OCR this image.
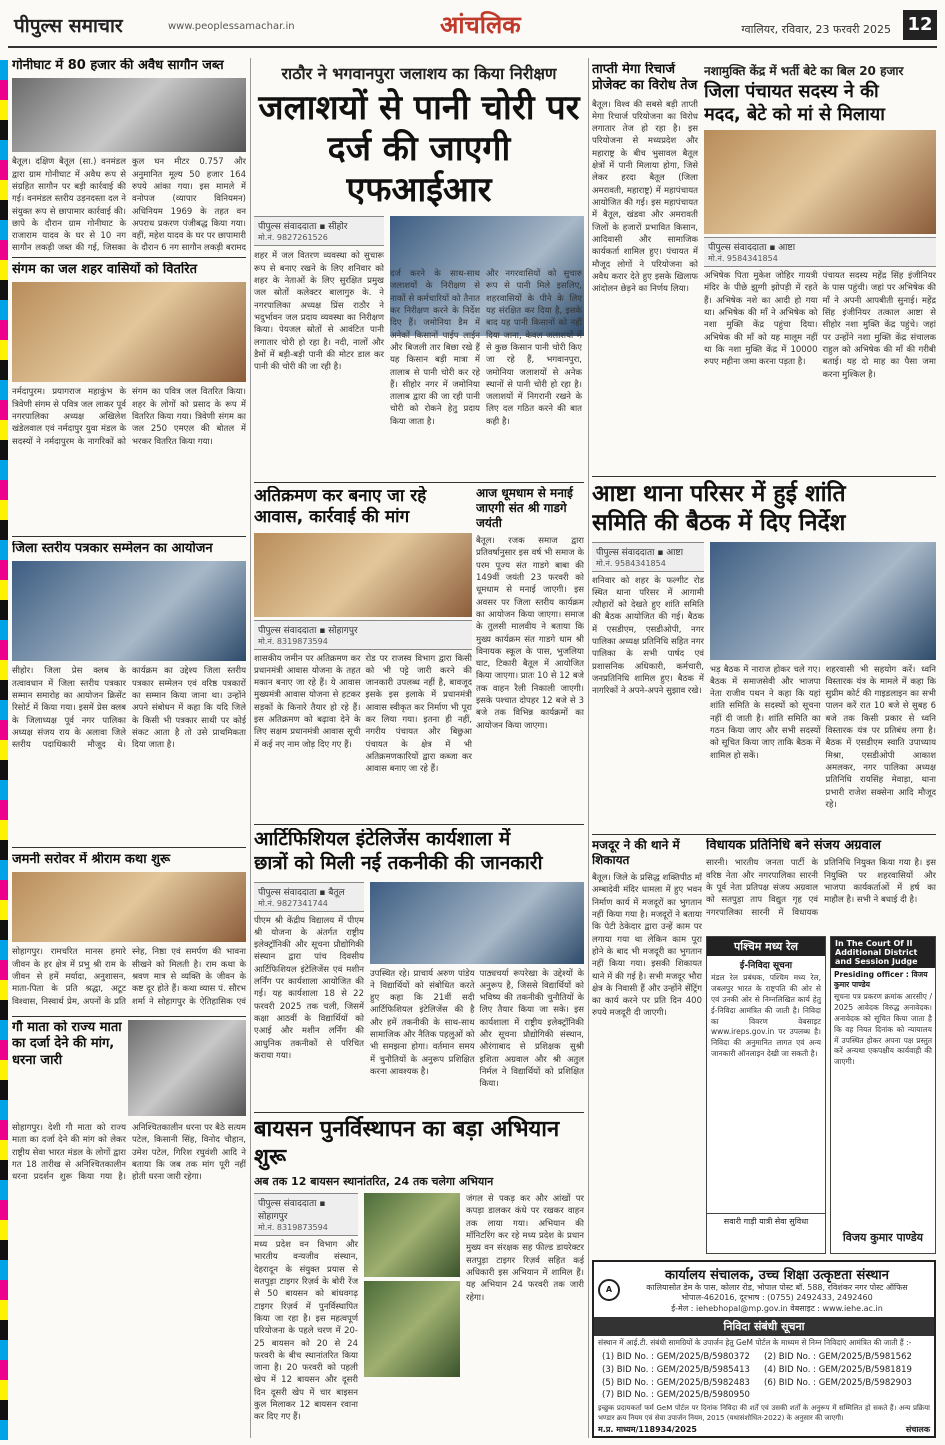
पीपुल्स समाचार	www.peoplessamachar.in	आंचलिक	ग्वालियर, रविवार, 23 फरवरी 2025 12
गोनीघाट में 80 हजार की अवैध सागौन जब्त
बैतूल। दक्षिण बैतूल (सा.) वनमंडल द्वारा ग्राम गोनीघाट में अवैध रूप से संग्रहित सागौन पर बड़ी कार्रवाई की गई। वनमंडल स्तरीय उड़नदस्ता दल ने संयुक्त रूप से छापामार कार्रवाई की। छापे के दौरान ग्राम गोनीघाट के राजाराम यादव के घर से 10 नग सागौन लकड़ी जब्त की गई, जिसका कुल घन मीटर 0.757 और अनुमानित मूल्य 50 हजार 164 रुपये आंका गया। इस मामले में वनोपज (व्यापार विनियमन) अधिनियम 1969 के तहत वन अपराध प्रकरण पंजीबद्ध किया गया। वहीं, महेश यादव के घर पर छापामारी के दौरान 6 नग सागौन लकड़ी बरामद
संगम का जल शहर वासियों को वितरित
नर्मदापुरम। प्रयागराज महाकुंभ के त्रिवेणी संगम से पवित्र जल लाकर पूर्व नगरपालिका अध्यक्ष अखिलेश खंडेलवाल एवं नर्मदापुर युवा मंडल के सदस्यों ने नर्मदापुरम के नागरिकों को संगम का पवित्र जल वितरित किया। शहर के लोगों को प्रसाद के रूप में वितरित किया गया। त्रिवेणी संगम का जल 250 एमएल की बोतल में भरकर वितरित किया गया।
जिला स्तरीय पत्रकार सम्मेलन का आयोजन
सीहोर। जिला प्रेस क्लब के तत्वावधान में जिला स्तरीय पत्रकार सम्मान समारोह का आयोजन क्रिसेंट रिसोर्ट में किया गया। इसमें प्रेस क्लब के जिलाध्यक्ष पूर्व नगर पालिका अध्यक्ष संजय राय के अलावा जिले स्तरीय पदाधिकारी मौजूद थे। कार्यक्रम का उद्देश्य जिला स्तरीय पत्रकार सम्मेलन एवं वरिष्ठ पत्रकारों का सम्मान किया जाना था। उन्होंने अपने संबोधन में कहा कि यदि जिले के किसी भी पत्रकार साथी पर कोई संकट आता है तो उसे प्राथमिकता दिया जाता है।
जमनी सरोवर में श्रीराम कथा शुरू
सोहागपुर। रामचरित मानस हमारे जीवन के हर क्षेत्र में प्रभु श्री राम के जीवन से हमें मर्यादा, अनुशासन, माता-पिता के प्रति श्रद्धा, अटूट विश्वास, निस्वार्थ प्रेम, अपनों के प्रति स्नेह, निष्ठा एवं समर्पण की भावना सीखने को मिलती है। राम कथा के श्रवण मात्र से व्यक्ति के जीवन के कष्ट दूर होते हैं। कथा व्यास पं. सौरभ शर्मा ने सोहागपुर के ऐतिहासिक एवं
गौ माता को राज्य माता का दर्जा देने की मांग, धरना जारी
सोहागपुर। देशी गौ माता को राज्य माता का दर्जा देने की मांग को लेकर राष्ट्रीय सेवा भारत मंडल के लोगों द्वारा गत 18 तारीख से अनिश्चितकालीन धरना प्रदर्शन शुरू किया गया है। अनिश्चितकालीन धरना पर बैठे सत्यम पटेल, किसानी सिंह, विनोद चौहान, उमेश पटेल, गिरिश रघुवंशी आदि ने बताया कि जब तक मांग पूरी नहीं होती धरना जारी रहेगा।
राठौर ने भगवानपुरा जलाशय का किया निरीक्षण
जलाशयों से पानी चोरी पर
दर्ज की जाएगी एफआईआर
पीपुल्स संवाददाता ▪ सीहोर
मो.नं. 9827261526
शहर में जल वितरण व्यवस्था को सुचारू रूप से बनाए रखने के लिए शनिवार को शहर के नेताओं के लिए सुरक्षित प्रमुख जल स्रोतों कलेक्टर बालागुरु के. ने नगरपालिका अध्यक्ष प्रिंस राठौर ने भदुर्भावन जल प्रदाय व्यवस्था का निरीक्षण किया। पेयजल स्रोतों से आवंटित पानी लगातार चोरी हो रहा है। नदी, नालों और डैमों में बड़ी-बड़ी पानी की मोटर डाल कर पानी की चोरी की जा रही है।
दर्ज करने के साथ-साथ जलाशयों के निरीक्षण से नाकों से कर्मचारियों को तैनात कर निरीक्षण करने के निर्देश दिए हैं। जमोनिया डैम में अनेकों किसानों पाईप लाईन और बिजली तार बिछा रखे हैं यह किसान बड़ी मात्रा में तालाब से पानी चोरी कर रहे हैं। सीहोर नगर में जमोनिया तालाब द्वारा की जा रही पानी चोरी को रोकने हेतु प्रदाय किया जाता है।
और नगरवासियों को सुचारु रूप से पानी मिले इसलिए, शहरवासियों के पीने के लिए यह संरक्षित कर दिया है, इसके बाद यह पानी किसानों को नहीं दिया जाना, केवल जलाशयों में से कुछ किसान पानी चोरी किए जा रहे हैं, भगवानपुरा, जमोनिया जलाशयों से अनेक स्थानों से पानी चोरी हो रहा है। जलाशयों में निगरानी रखने के लिए दल गठित करने की बात कही है।
अतिक्रमण कर बनाए जा रहे
आवास, कार्रवाई की मांग
पीपुल्स संवाददाता ▪ सोहागपुर
मो.नं. 8319873594
शासकीय जमीन पर अतिक्रमण कर प्रधानमंत्री आवास योजना के तहत मकान बनाए जा रहे हैं। ये आवास मुख्यमंत्री आवास योजना से हटकर सड़कों के किनारे तैयार हो रहे हैं। इस अतिक्रमण को बढ़ावा देने के लिए सक्षम प्रधानमंत्री आवास सूची में कई नए नाम जोड़ दिए गए हैं।
रोड पर राजस्व विभाग द्वारा किसी को भी पट्टे जारी करने की जानकारी उपलब्ध नहीं है, बावजूद इसके इस इलाके में प्रधानमंत्री आवास स्वीकृत कर निर्माण भी पूरा कर लिया गया। इतना ही नहीं, नगरीय पंचायत और बिछुआ पंचायत के क्षेत्र में भी अतिक्रमणकारियों द्वारा कब्जा कर आवास बनाए जा रहे हैं।
आज धूमधाम से मनाई जाएगी संत श्री गाडगे जयंती
बैतूल। रजक समाज द्वारा प्रतिवर्षानुसार इस वर्ष भी समाज के परम पूज्य संत गाडगे बाबा की 149वीं जयंती 23 फरवरी को धूमधाम से मनाई जाएगी। इस अवसर पर जिला स्तरीय कार्यक्रम का आयोजन किया जाएगा। समाज के तुलसी मालवीय ने बताया कि मुख्य कार्यक्रम संत गाडगे धाम श्री विनायक स्कूल के पास, भुजलिया घाट, टिकारी बैतूल में आयोजित किया जाएगा। प्रातः 10 से 12 बजे तक वाहन रैली निकाली जाएगी। इसके पश्चात दोपहर 12 बजे से 3 बजे तक विभिन्न कार्यक्रमों का आयोजन किया जाएगा।
आर्टिफिशियल इंटेलिजेंस कार्यशाला में
छात्रों को मिली नई तकनीकी की जानकारी
पीपुल्स संवाददाता ▪ बैतूल
मो.नं. 9827341744
पीएम श्री केंद्रीय विद्यालय में पीएम श्री योजना के अंतर्गत राष्ट्रीय इलेक्ट्रॉनिकी और सूचना प्रौद्योगिकी संस्थान द्वारा पांच दिवसीय आर्टिफिशियल इंटेलिजेंस एवं मशीन लर्निंग पर कार्यशाला आयोजित की गई। यह कार्यशाला 18 से 22 फरवरी 2025 तक चली, जिसमें कक्षा आठवीं के विद्यार्थियों को एआई और मशीन लर्निंग की आधुनिक तकनीकों से परिचित कराया गया।
उपस्थित रहे। प्राचार्य अरुण पांडेय ने विद्यार्थियों को संबोधित करते हुए कहा कि 21वीं सदी आर्टिफिशियल इंटेलिजेंस की है और हमें तकनीकी के साथ-साथ सामाजिक और नैतिक पहलुओं को भी समझना होगा। वर्तमान समय में चुनौतियों के अनुरूप प्रशिक्षित करना आवश्यक है।
पाठ्यचर्या रूपरेखा के उद्देश्यों के अनुरूप है, जिससे विद्यार्थियों को भविष्य की तकनीकी चुनौतियों के लिए तैयार किया जा सके। इस कार्यशाला में राष्ट्रीय इलेक्ट्रॉनिकी और सूचना प्रौद्योगिकी संस्थान, औरंगाबाद से प्रशिक्षक सुश्री इशिता अग्रवाल और श्री अतुल निर्मल ने विद्यार्थियों को प्रशिक्षित किया।
बायसन पुनर्विस्थापन का बड़ा अभियान शुरू
अब तक 12 बायसन स्थानांतरित, 24 तक चलेगा अभियान
पीपुल्स संवाददाता ▪ सोहागपुर
मो.नं. 8319873594
मध्य प्रदेश वन विभाग और भारतीय वन्यजीव संस्थान, देहरादून के संयुक्त प्रयास से सतपुड़ा टाइगर रिज़र्व के बोरी रेंज से 50 बायसन को बांधवगढ़ टाइगर रिज़र्व में पुनर्विस्थापित किया जा रहा है। इस महत्वपूर्ण परियोजना के पहले चरण में 20-25 बायसन को 20 से 24 फरवरी के बीच स्थानांतरित किया जाना है। 20 फरवरी को पहली खेप में 12 बायसन और दूसरी दिन दूसरी खेप में चार बाइसन कुल मिलाकर 12 बायसन रवाना कर दिए गए हैं।
जंगल से पकड़ कर और आंखों पर कपड़ा डालकर कंधे पर रखकर वाहन तक लाया गया। अभियान की मॉनिटरिंग कर रहे मध्य प्रदेश के प्रधान मुख्य वन संरक्षक सह फील्ड डायरेक्टर सतपुड़ा टाइगर रिज़र्व सहित कई अधिकारी इस अभियान में शामिल हैं। यह अभियान 24 फरवरी तक जारी रहेगा।
ताप्ती मेगा रिचार्ज प्रोजेक्ट का विरोध तेज
बैतूल। विश्व की सबसे बड़ी ताप्ती मेगा रिचार्ज परियोजना का विरोध लगातार तेज हो रहा है। इस परियोजना से मध्यप्रदेश और महाराष्ट्र के बीच भुसावल बैतूल क्षेत्रों में पानी मिलाया होगा, जिसे लेकर हरदा बैतूल (जिला अमरावती, महाराष्ट्र) में महापंचायत आयोजित की गई। इस महापंचायत में बैतूल, खंडवा और अमरावती जिलों के हजारों प्रभावित किसान, आदिवासी और सामाजिक कार्यकर्ता शामिल हुए। पंचायत में मौजूद लोगों ने परियोजना को अवैध करार देते हुए इसके खिलाफ आंदोलन छेड़ने का निर्णय लिया।
नशामुक्ति केंद्र में भर्ती बेटे का बिल 20 हजार
जिला पंचायत सदस्य ने की
मदद, बेटे को मां से मिलाया
पीपुल्स संवाददाता ▪ आष्टा
मो.नं. 9584341854
अभिषेक पिता मुकेश जोहिर गायत्री मंदिर के पीछे झुग्गी झोपड़ी में रहते हैं। अभिषेक नशे का आदी हो गया था। अभिषेक की माँ ने अभिषेक को नशा मुक्ति केंद्र पहुंचा दिया। अभिषेक की माँ को यह मालूम नहीं था कि नशा मुक्ति केंद्र में 10000 रुपए महीना जमा करना पड़ता है।
पंचायत सदस्य महेंद्र सिंह इंजीनियर के पास पहुंची। जहां पर अभिषेक की माँ ने अपनी आपबीती सुनाई। महेंद्र सिंह इंजीनियर तत्काल आष्टा से सीहोर नशा मुक्ति केंद्र पहुंचे। जहां पर उन्होंने नशा मुक्ति केंद्र संचालक राहुल को अभिषेक की माँ की गरीबी बताई। यह दो माह का पैसा जमा करना मुश्किल है।
आष्टा थाना परिसर में हुई शांति
समिति की बैठक में दिए निर्देश
पीपुल्स संवाददाता ▪ आष्टा
मो.नं. 9584341854
शनिवार को शहर के फल्गीट रोड स्थित थाना परिसर में आगामी त्यौहारों को देखते हुए शांति समिति की बैठक आयोजित की गई। बैठक में एसडीएम, एसडीओपी, नगर पालिका अध्यक्ष प्रतिनिधि सहित नगर पालिका के सभी पार्षद एवं प्रशासनिक अधिकारी, कर्मचारी, जनप्रतिनिधि शामिल हुए। बैठक में नागरिकों ने अपने-अपने सुझाव रखे।
भड़ बैठक में नाराज होकर चले गए। बैठक में समाजसेवी और भाजपा नेता राजीव पथन ने कहा कि यहां शांति समिति के सदस्यों को सूचना नहीं दी जाती है। शांति समिति का गठन किया जाए और सभी सदस्यों को सूचित किया जाए ताकि बैठक में शामिल हो सकें।
शहरवासी भी सहयोग करें। ध्वनि विस्तारक यंत्र के मामले में कहा कि सुप्रीम कोर्ट की गाइडलाइन का सभी पालन करें रात 10 बजे से सुबह 6 बजे तक किसी प्रकार से ध्वनि विस्तारक यंत्र पर प्रतिबंध लगा है। बैठक में एसडीएम स्वाति उपाध्याय मिश्रा, एसडीओपी आकाश अमलकर, नगर पालिका अध्यक्ष प्रतिनिधि रायसिंह मेवाड़ा, थाना प्रभारी राजेश सक्सेना आदि मौजूद रहे।
मजदूर ने की थाने में शिकायत
बैतूल। जिले के प्रसिद्ध शक्तिपीठ माँ अम्बादेवी मंदिर धामला में हुए भवन निर्माण कार्य में मजदूरों का भुगतान नहीं किया गया है। मजदूरों ने बताया कि पेटी ठेकेदार द्वारा उन्हें काम पर लगाया गया था लेकिन काम पूरा होने के बाद भी मजदूरी का भुगतान नहीं किया गया। इसकी शिकायत थाने में की गई है। सभी मजदूर भौरा क्षेत्र के निवासी हैं और उन्होंने सेंट्रिंग का कार्य करने पर प्रति दिन 400 रुपये मजदूरी दी जाएगी।
विधायक प्रतिनिधि बने संजय अग्रवाल
सारनी। भारतीय जनता पार्टी के वरिष्ठ नेता और नगरपालिका सारनी के पूर्व नेता प्रतिपक्ष संजय अग्रवाल को सतपुड़ा ताप विद्युत गृह एवं नगरपालिका सारनी में विधायक प्रतिनिधि नियुक्त किया गया है। इस नियुक्ति पर शहरवासियों और भाजपा कार्यकर्ताओं में हर्ष का माहौल है। सभी ने बधाई दी है।
पश्चिम मध्य रेल
ई-निविदा सूचना
मंडल रेल प्रबंधक, पश्चिम मध्य रेल, जबलपुर भारत के राष्ट्रपति की ओर से एवं उनकी ओर से निम्नलिखित कार्य हेतु ई-निविदा आमंत्रित की जाती है। निविदा का विवरण वेबसाइट www.ireps.gov.in पर उपलब्ध है। निविदा की अनुमानित लागत एवं अन्य जानकारी ऑनलाइन देखी जा सकती है।
सवारी गाड़ी यात्री सेवा सुविधा
In The Court Of II Additional District and Session Judge
Presiding officer : विजय कुमार पाण्डेय
सूचना पत्र प्रकरण क्रमांक आरसीए / 2025 आवेदक विरुद्ध अनावेदक। अनावेदक को सूचित किया जाता है कि वह नियत दिनांक को न्यायालय में उपस्थित होकर अपना पक्ष प्रस्तुत करें अन्यथा एकपक्षीय कार्यवाही की जाएगी।
विजय कुमार पाण्डेय
A
कार्यालय संचालक, उच्च शिक्षा उत्कृष्टता संस्थान
कालियासोत डेम के पास, कोलार रोड, भोपाल पोस्ट बॉ. 588, रविशंकर नगर पोस्ट ऑफिस भोपाल-462016, दूरभाष : (0755) 2492433, 2492460
ई-मेल : iehebhopal@mp.gov.in वेबसाइट : www.iehe.ac.in
निविदा संबंधी सूचना
संस्थान में आई.टी. संबंधी सामग्रियों के उपार्जन हेतु GeM पोर्टल के माध्यम से निम्न निविदाएं आमंत्रित की जाती हैं :-
(1) BID No. : GEM/2025/B/5980372
(3) BID No. : GEM/2025/B/5985413
(5) BID No. : GEM/2025/B/5982483
(7) BID No. : GEM/2025/B/5980950
(2) BID No. : GEM/2025/B/5981562
(4) BID No. : GEM/2025/B/5981819
(6) BID No. : GEM/2025/B/5982903
इच्छुक प्रदायकर्ता फर्म GeM पोर्टल पर दिनांक निविदा की शर्तें एवं उसकी शर्तों के अनुरूप में सम्मिलित हो सकते हैं। अन्य प्रक्रिया भण्डार क्रय नियम एवं सेवा उपार्जन नियम, 2015 (यथासंशोधित-2022) के अनुसार की जाएगी।
म.प्र. माध्यम/118934/2025	संचालक
